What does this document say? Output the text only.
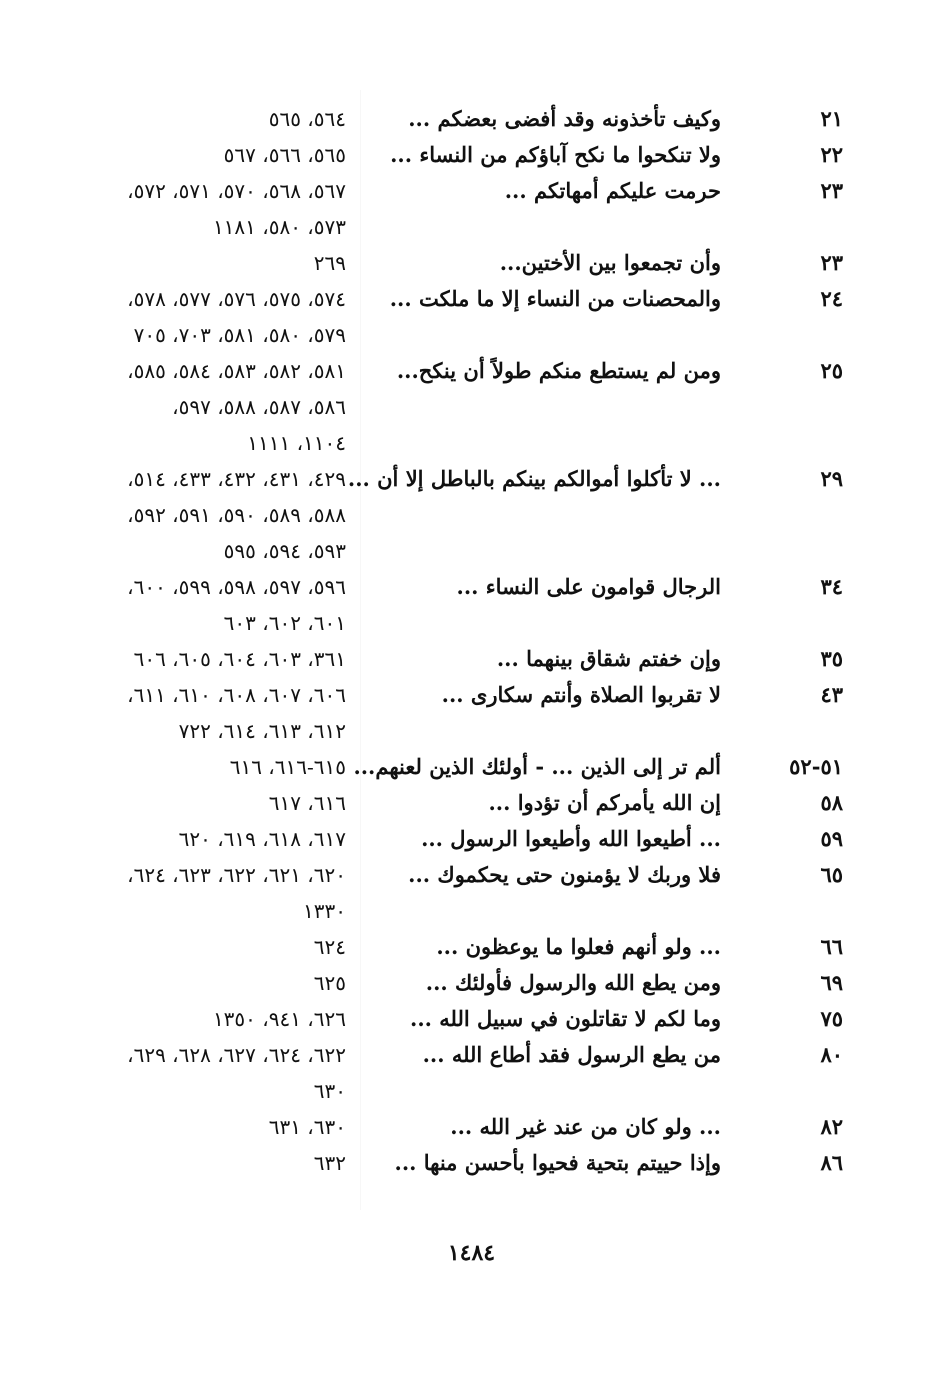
٢١
وكيف تأخذونه وقد أفضى بعضكم ...
٥٦٤، ٥٦٥
٢٢
ولا تنكحوا ما نكح آباؤكم من النساء ...
٥٦٥، ٥٦٦، ٥٦٧
٢٣
حرمت عليكم أمهاتكم ...
٥٦٧، ٥٦٨، ٥٧٠، ٥٧١، ٥٧٢،
٥٧٣، ٥٨٠، ١١٨١
٢٣
وأن تجمعوا بين الأختين...
٢٦٩
٢٤
والمحصنات من النساء إلا ما ملكت ...
٥٧٤، ٥٧٥، ٥٧٦، ٥٧٧، ٥٧٨،
٥٧٩، ٥٨٠، ٥٨١، ٧٠٣، ٧٠٥
٢٥
ومن لم يستطع منكم طولاً أن ينكح...
٥٨١، ٥٨٢، ٥٨٣، ٥٨٤، ٥٨٥،
٥٨٦، ٥٨٧، ٥٨٨، ٥٩٧،
١١٠٤، ١١١١
٢٩
... لا تأكلوا أموالكم بينكم بالباطل إلا أن ...
٤٢٩، ٤٣١، ٤٣٢، ٤٣٣، ٥١٤،
٥٨٨، ٥٨٩، ٥٩٠، ٥٩١، ٥٩٢،
٥٩٣، ٥٩٤، ٥٩٥
٣٤
الرجال قوامون على النساء ...
٥٩٦، ٥٩٧، ٥٩٨، ٥٩٩، ٦٠٠،
٦٠١، ٦٠٢، ٦٠٣
٣٥
وإن خفتم شقاق بينهما ...
٣٦١، ٦٠٣، ٦٠٤، ٦٠٥، ٦٠٦
٤٣
لا تقربوا الصلاة وأنتم سكارى ...
٦٠٦، ٦٠٧، ٦٠٨، ٦١٠، ٦١١،
٦١٢، ٦١٣، ٦١٤، ٧٢٢
٥١-٥٢
ألم تر إلى الذين ... - أولئك الذين لعنهم...
٦١٥-٦١٦، ٦١٦
٥٨
إن الله يأمركم أن تؤدوا ...
٦١٦، ٦١٧
٥٩
... أطيعوا الله وأطيعوا الرسول ...
٦١٧، ٦١٨، ٦١٩، ٦٢٠
٦٥
فلا وربك لا يؤمنون حتى يحكموك ...
٦٢٠، ٦٢١، ٦٢٢، ٦٢٣، ٦٢٤،
١٣٣٠
٦٦
... ولو أنهم فعلوا ما يوعظون ...
٦٢٤
٦٩
ومن يطع الله والرسول فأولئك ...
٦٢٥
٧٥
وما لكم لا تقاتلون في سبيل الله ...
٦٢٦، ٩٤١، ١٣٥٠
٨٠
من يطع الرسول فقد أطاع الله ...
٦٢٢، ٦٢٤، ٦٢٧، ٦٢٨، ٦٢٩،
٦٣٠
٨٢
... ولو كان من عند غير الله ...
٦٣٠، ٦٣١
٨٦
وإذا حييتم بتحية فحيوا بأحسن منها ...
٦٣٢
١٤٨٤
